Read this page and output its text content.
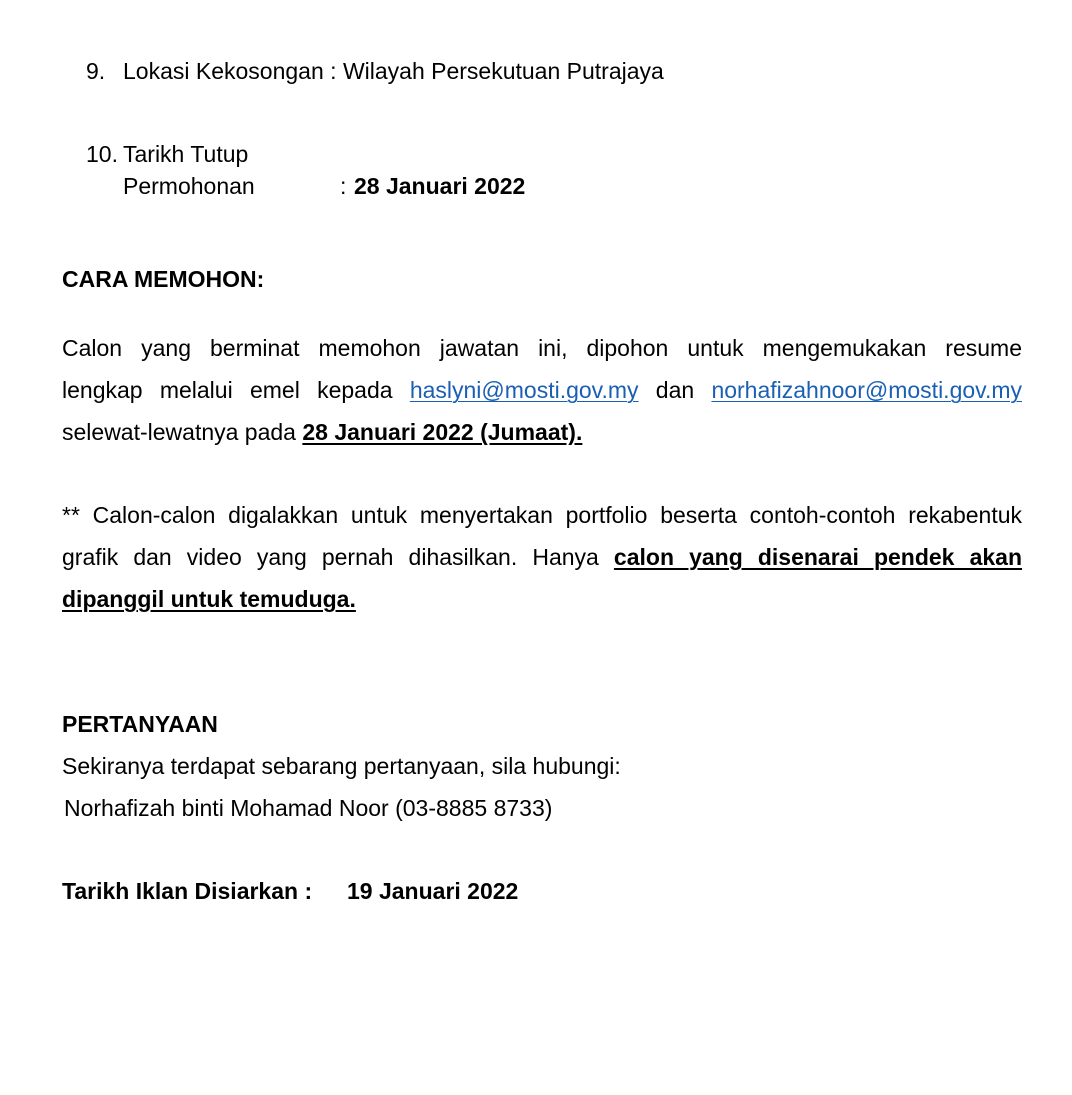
9. Lokasi Kekosongan : Wilayah Persekutuan Putrajaya
10. Tarikh Tutup
Permohonan	: 28 Januari 2022
CARA MEMOHON:
Calon yang berminat memohon jawatan ini, dipohon untuk mengemukakan resume
lengkap melalui emel kepada haslyni@mosti.gov.my dan norhafizahnoor@mosti.gov.my
selewat-lewatnya pada 28 Januari 2022 (Jumaat).
** Calon-calon digalakkan untuk menyertakan portfolio beserta contoh-contoh rekabentuk
grafik dan video yang pernah dihasilkan. Hanya calon yang disenarai pendek akan
dipanggil untuk temuduga.
PERTANYAAN
Sekiranya terdapat sebarang pertanyaan, sila hubungi:
Norhafizah binti Mohamad Noor (03-8885 8733)
Tarikh Iklan Disiarkan : 19 Januari 2022
